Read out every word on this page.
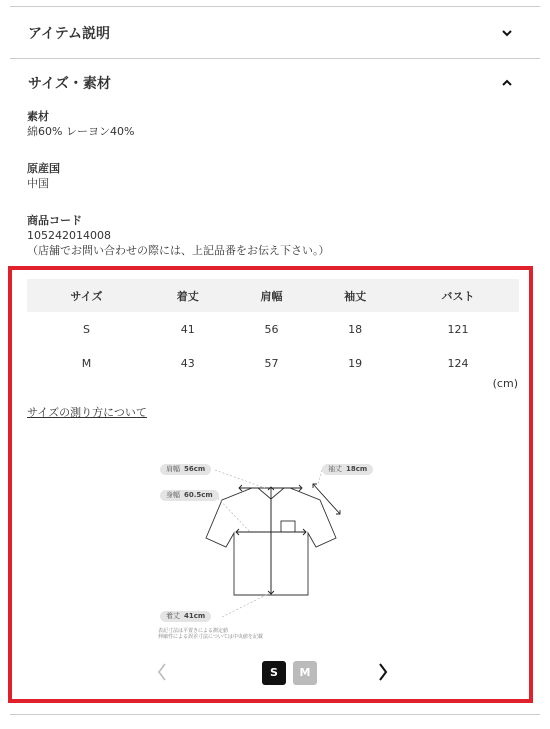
アイテム説明
サイズ・素材
素材
綿60% レーヨン40%
原産国
中国
商品コード
105242014008
（店舗でお問い合わせの際には、上記品番をお伝え下さい。）
サイズ	着丈	肩幅	袖丈	バスト
S	41	56	18	121
M	43	57	19	124
(cm)
サイズの測り方について
肩幅 56cm
身幅 60.5cm
袖丈 18cm
着丈 41cm
表記寸法は平置きによる測定値
伸縮性による誤差寸法については中央値を記載
S	M
